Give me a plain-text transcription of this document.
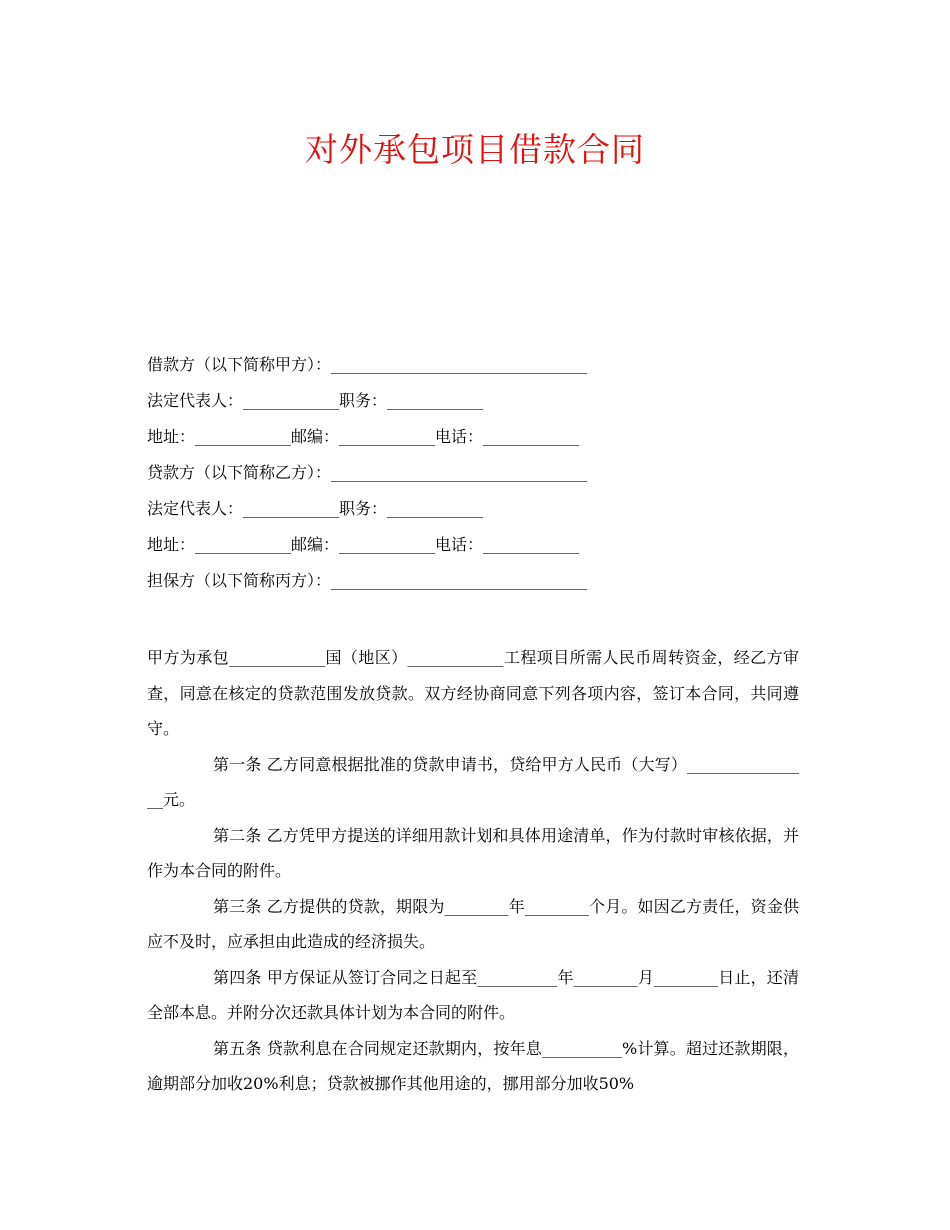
对外承包项目借款合同
借款方（以下简称甲方）：________________________________
法定代表人：____________职务：____________
地址：____________邮编：____________电话：____________
贷款方（以下简称乙方）：________________________________
法定代表人：____________职务：____________
地址：____________邮编：____________电话：____________
担保方（以下简称丙方）：________________________________

甲方为承包____________国（地区）____________工程项目所需人民币周转资金，经乙方审查，同意在核定的贷款范围发放贷款。双方经协商同意下列各项内容，签订本合同，共同遵守。

第一条 乙方同意根据批准的贷款申请书，贷给甲方人民币（大写）________________元。

第二条 乙方凭甲方提送的详细用款计划和具体用途清单，作为付款时审核依据，并作为本合同的附件。

第三条 乙方提供的贷款，期限为________年________个月。如因乙方责任，资金供应不及时，应承担由此造成的经济损失。

第四条 甲方保证从签订合同之日起至__________年________月________日止，还清全部本息。并附分次还款具体计划为本合同的附件。

第五条 贷款利息在合同规定还款期内，按年息__________%计算。超过还款期限，逾期部分加收20%利息；贷款被挪作其他用途的，挪用部分加收50%
